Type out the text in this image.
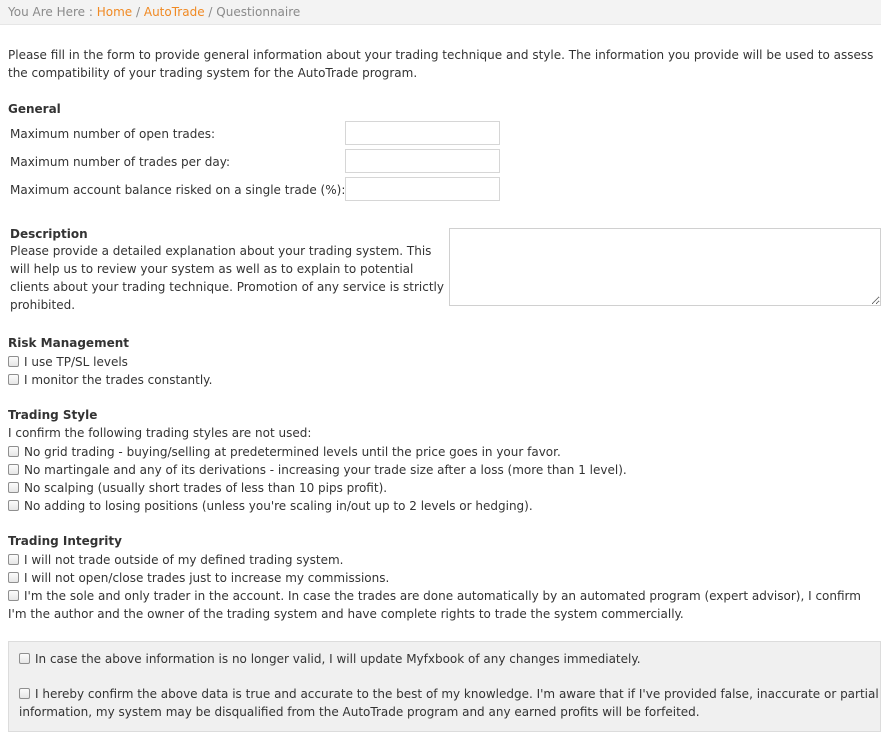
You Are Here : Home / AutoTrade / Questionnaire
Please fill in the form to provide general information about your trading technique and style. The information you provide will be used to assess the compatibility of your trading system for the AutoTrade program.
General
Maximum number of open trades:
Maximum number of trades per day:
Maximum account balance risked on a single trade (%):
Description
Please provide a detailed explanation about your trading system. This will help us to review your system as well as to explain to potential clients about your trading technique. Promotion of any service is strictly prohibited.
Risk Management
I use TP/SL levels
I monitor the trades constantly.
Trading Style
I confirm the following trading styles are not used:
No grid trading - buying/selling at predetermined levels until the price goes in your favor.
No martingale and any of its derivations - increasing your trade size after a loss (more than 1 level).
No scalping (usually short trades of less than 10 pips profit).
No adding to losing positions (unless you're scaling in/out up to 2 levels or hedging).
Trading Integrity
I will not trade outside of my defined trading system.
I will not open/close trades just to increase my commissions.
I'm the sole and only trader in the account. In case the trades are done automatically by an automated program (expert advisor), I confirm I'm the author and the owner of the trading system and have complete rights to trade the system commercially.
In case the above information is no longer valid, I will update Myfxbook of any changes immediately.
I hereby confirm the above data is true and accurate to the best of my knowledge. I'm aware that if I've provided false, inaccurate or partial information, my system may be disqualified from the AutoTrade program and any earned profits will be forfeited.
